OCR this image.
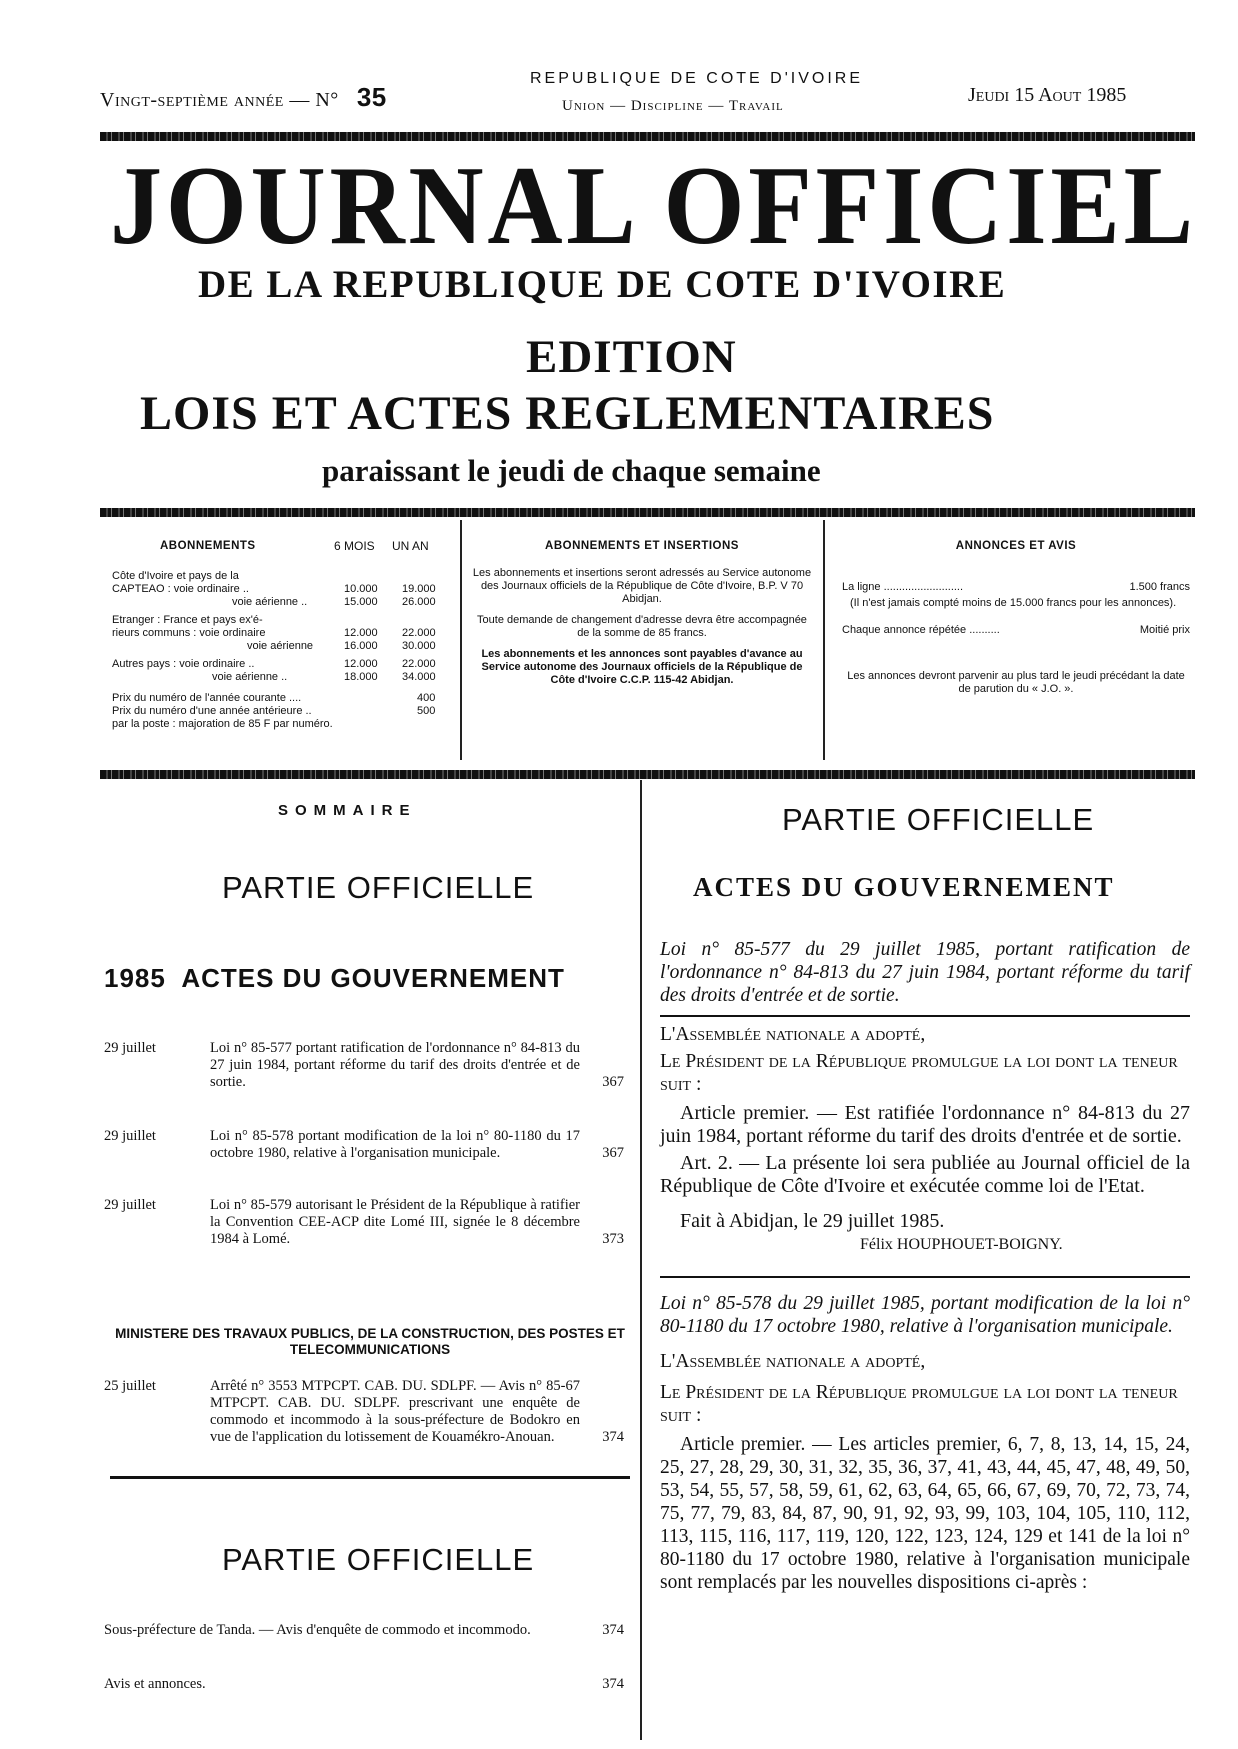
Vingt-septième année — N° 35
REPUBLIQUE DE COTE D'IVOIRE
Union — Discipline — Travail	Jeudi 15 Aout 1985
JOURNAL OFFICIEL
DE LA REPUBLIQUE DE COTE D'IVOIRE
EDITION
LOIS ET ACTES REGLEMENTAIRES
paraissant le jeudi de chaque semaine
ABONNEMENTS	6 MOIS UN AN
Côte d'Ivoire et pays de la
CAPTEAO : voie ordinaire ..	10.000 19.000
voie aérienne ..	15.000 26.000
Etranger : France et pays ex'é-
rieurs communs : voie ordinaire	12.000 22.000
voie aérienne	16.000 30.000
Autres pays : voie ordinaire ..	12.000 22.000
voie aérienne ..	18.000 34.000
Prix du numéro de l'année courante ....	400
Prix du numéro d'une année antérieure ..	500
par la poste : majoration de 85 F par numéro.
ABONNEMENTS ET INSERTIONS
Les abonnements et insertions seront adressés au Service autonome des Journaux officiels de la République de Côte d'Ivoire, B.P. V 70 Abidjan.
Toute demande de changement d'adresse devra être accompagnée de la somme de 85 francs.
Les abonnements et les annonces sont payables d'avance au Service autonome des Journaux officiels de la République de Côte d'Ivoire C.C.P. 115-42 Abidjan.
ANNONCES ET AVIS
La ligne ..........................	1.500 francs
(Il n'est jamais compté moins de 15.000 francs pour les annonces).
Chaque annonce répétée ..........	Moitié prix
Les annonces devront parvenir au plus tard le jeudi précédant la date de parution du « J.O. ».
SOMMAIRE
PARTIE OFFICIELLE
1985 ACTES DU GOUVERNEMENT
29 juillet	Loi n° 85-577 portant ratification de l'ordonnance n° 84-813 du 27 juin 1984, portant réforme du tarif des droits d'entrée et de sortie.	367
29 juillet	Loi n° 85-578 portant modification de la loi n° 80-1180 du 17 octobre 1980, relative à l'organisation municipale.	367
29 juillet	Loi n° 85-579 autorisant le Président de la République à ratifier la Convention CEE-ACP dite Lomé III, signée le 8 décembre 1984 à Lomé.	373
MINISTERE DES TRAVAUX PUBLICS, DE LA CONSTRUCTION, DES POSTES ET TELECOMMUNICATIONS
25 juillet	Arrêté n° 3553 MTPCPT. CAB. DU. SDLPF. — Avis n° 85-67 MTPCPT. CAB. DU. SDLPF. prescrivant une enquête de commodo et incommodo à la sous-préfecture de Bodokro en vue de l'application du lotissement de Kouamékro-Anouan.	374
PARTIE OFFICIELLE
Sous-préfecture de Tanda. — Avis d'enquête de commodo et incommodo.	374
Avis et annonces.	374
PARTIE OFFICIELLE
ACTES DU GOUVERNEMENT

Loi n° 85-577 du 29 juillet 1985, portant ratification de l'ordonnance n° 84-813 du 27 juin 1984, portant réforme du tarif des droits d'entrée et de sortie.

L'Assemblée nationale a adopté,

Le Président de la République promulgue la loi dont la teneur suit :

Article premier. — Est ratifiée l'ordonnance n° 84-813 du 27 juin 1984, portant réforme du tarif des droits d'entrée et de sortie.

Art. 2. — La présente loi sera publiée au Journal officiel de la République de Côte d'Ivoire et exécutée comme loi de l'Etat.

Fait à Abidjan, le 29 juillet 1985.

Félix HOUPHOUET-BOIGNY.

Loi n° 85-578 du 29 juillet 1985, portant modification de la loi n° 80-1180 du 17 octobre 1980, relative à l'organisation municipale.

L'Assemblée nationale a adopté,

Le Président de la République promulgue la loi dont la teneur suit :

Article premier. — Les articles premier, 6, 7, 8, 13, 14, 15, 24, 25, 27, 28, 29, 30, 31, 32, 35, 36, 37, 41, 43, 44, 45, 47, 48, 49, 50, 53, 54, 55, 57, 58, 59, 61, 62, 63, 64, 65, 66, 67, 69, 70, 72, 73, 74, 75, 77, 79, 83, 84, 87, 90, 91, 92, 93, 99, 103, 104, 105, 110, 112, 113, 115, 116, 117, 119, 120, 122, 123, 124, 129 et 141 de la loi n° 80-1180 du 17 octobre 1980, relative à l'organisation municipale sont remplacés par les nouvelles dispositions ci-après :
